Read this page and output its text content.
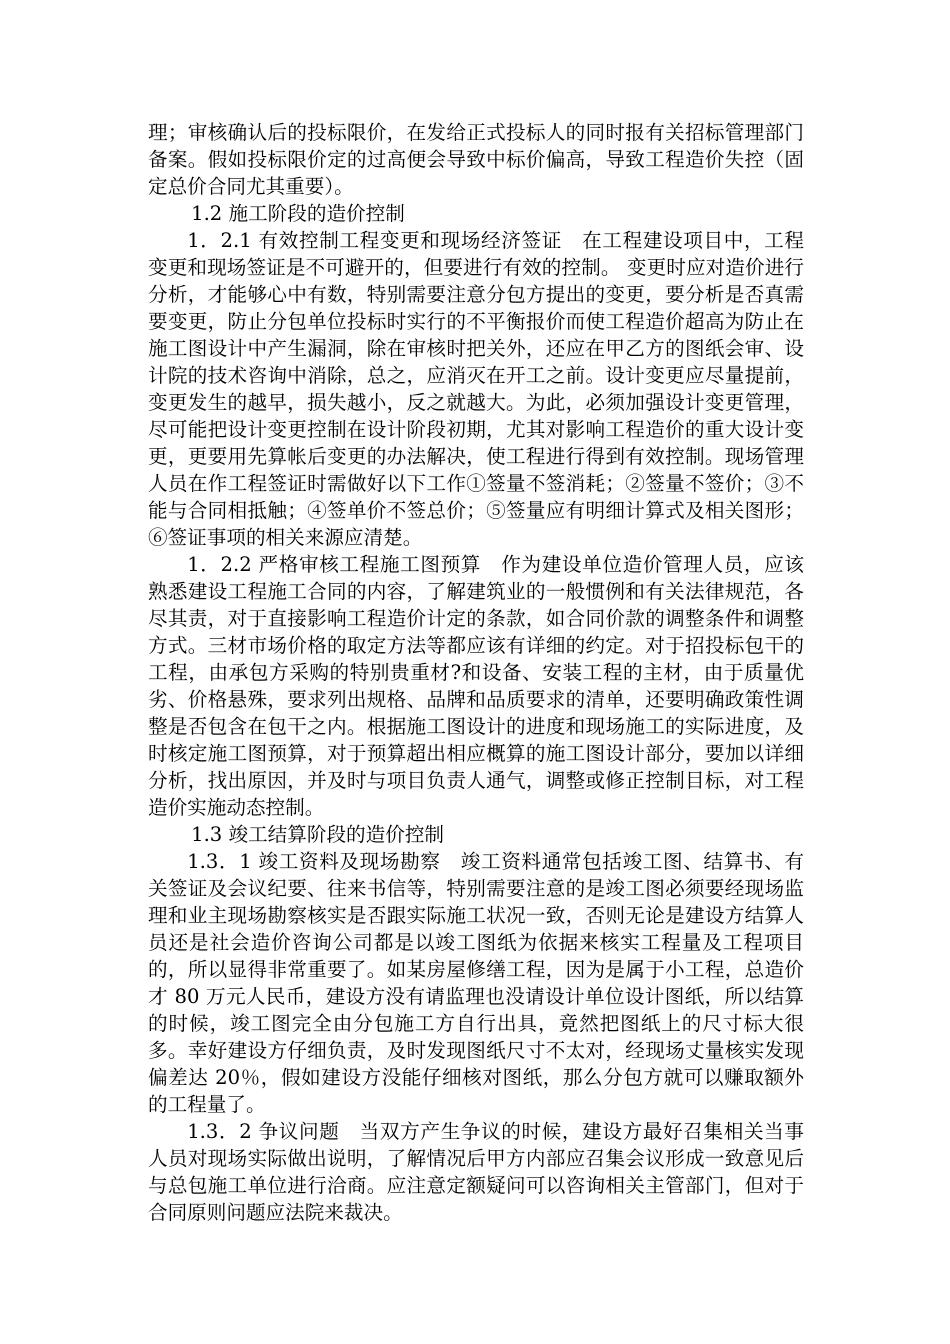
理；审核确认后的投标限价，在发给正式投标人的同时报有关招标管理部门备案。假如投标限价定的过高便会导致中标价偏高，导致工程造价失控（固定总价合同尤其重要）。

1.2 施工阶段的造价控制

1．2.1 有效控制工程变更和现场经济签证　在工程建设项目中，工程变更和现场签证是不可避开的，但要进行有效的控制。 变更时应对造价进行分析，才能够心中有数，特别需要注意分包方提出的变更，要分析是否真需要变更，防止分包单位投标时实行的不平衡报价而使工程造价超高为防止在施工图设计中产生漏洞，除在审核时把关外，还应在甲乙方的图纸会审、设计院的技术咨询中消除，总之，应消灭在开工之前。设计变更应尽量提前，变更发生的越早，损失越小，反之就越大。为此，必须加强设计变更管理，尽可能把设计变更控制在设计阶段初期，尤其对影响工程造价的重大设计变更，更要用先算帐后变更的办法解决，使工程进行得到有效控制。现场管理人员在作工程签证时需做好以下工作①签量不签消耗；②签量不签价；③不能与合同相抵触；④签单价不签总价；⑤签量应有明细计算式及相关图形；⑥签证事项的相关来源应清楚。

1．2.2 严格审核工程施工图预算　作为建设单位造价管理人员，应该熟悉建设工程施工合同的内容，了解建筑业的一般惯例和有关法律规范，各尽其责，对于直接影响工程造价计定的条款，如合同价款的调整条件和调整方式。三材市场价格的取定方法等都应该有详细的约定。对于招投标包干的工程，由承包方采购的特别贵重材?和设备、安装工程的主材，由于质量优劣、价格悬殊，要求列出规格、品牌和品质要求的清单，还要明确政策性调整是否包含在包干之内。根据施工图设计的进度和现场施工的实际进度，及时核定施工图预算，对于预算超出相应概算的施工图设计部分，要加以详细分析，找出原因，并及时与项目负责人通气，调整或修正控制目标，对工程造价实施动态控制。

1.3 竣工结算阶段的造价控制

1.3．1 竣工资料及现场勘察　竣工资料通常包括竣工图、结算书、有关签证及会议纪要、往来书信等，特别需要注意的是竣工图必须要经现场监理和业主现场勘察核实是否跟实际施工状况一致，否则无论是建设方结算人员还是社会造价咨询公司都是以竣工图纸为依据来核实工程量及工程项目的，所以显得非常重要了。如某房屋修缮工程，因为是属于小工程，总造价才 80 万元人民币，建设方没有请监理也没请设计单位设计图纸，所以结算的时候，竣工图完全由分包施工方自行出具，竟然把图纸上的尺寸标大很多。幸好建设方仔细负责，及时发现图纸尺寸不太对，经现场丈量核实发现偏差达 20％，假如建设方没能仔细核对图纸，那么分包方就可以赚取额外的工程量了。

1.3．2 争议问题　当双方产生争议的时候，建设方最好召集相关当事人员对现场实际做出说明，了解情况后甲方内部应召集会议形成一致意见后与总包施工单位进行洽商。应注意定额疑问可以咨询相关主管部门，但对于合同原则问题应法院来裁决。
